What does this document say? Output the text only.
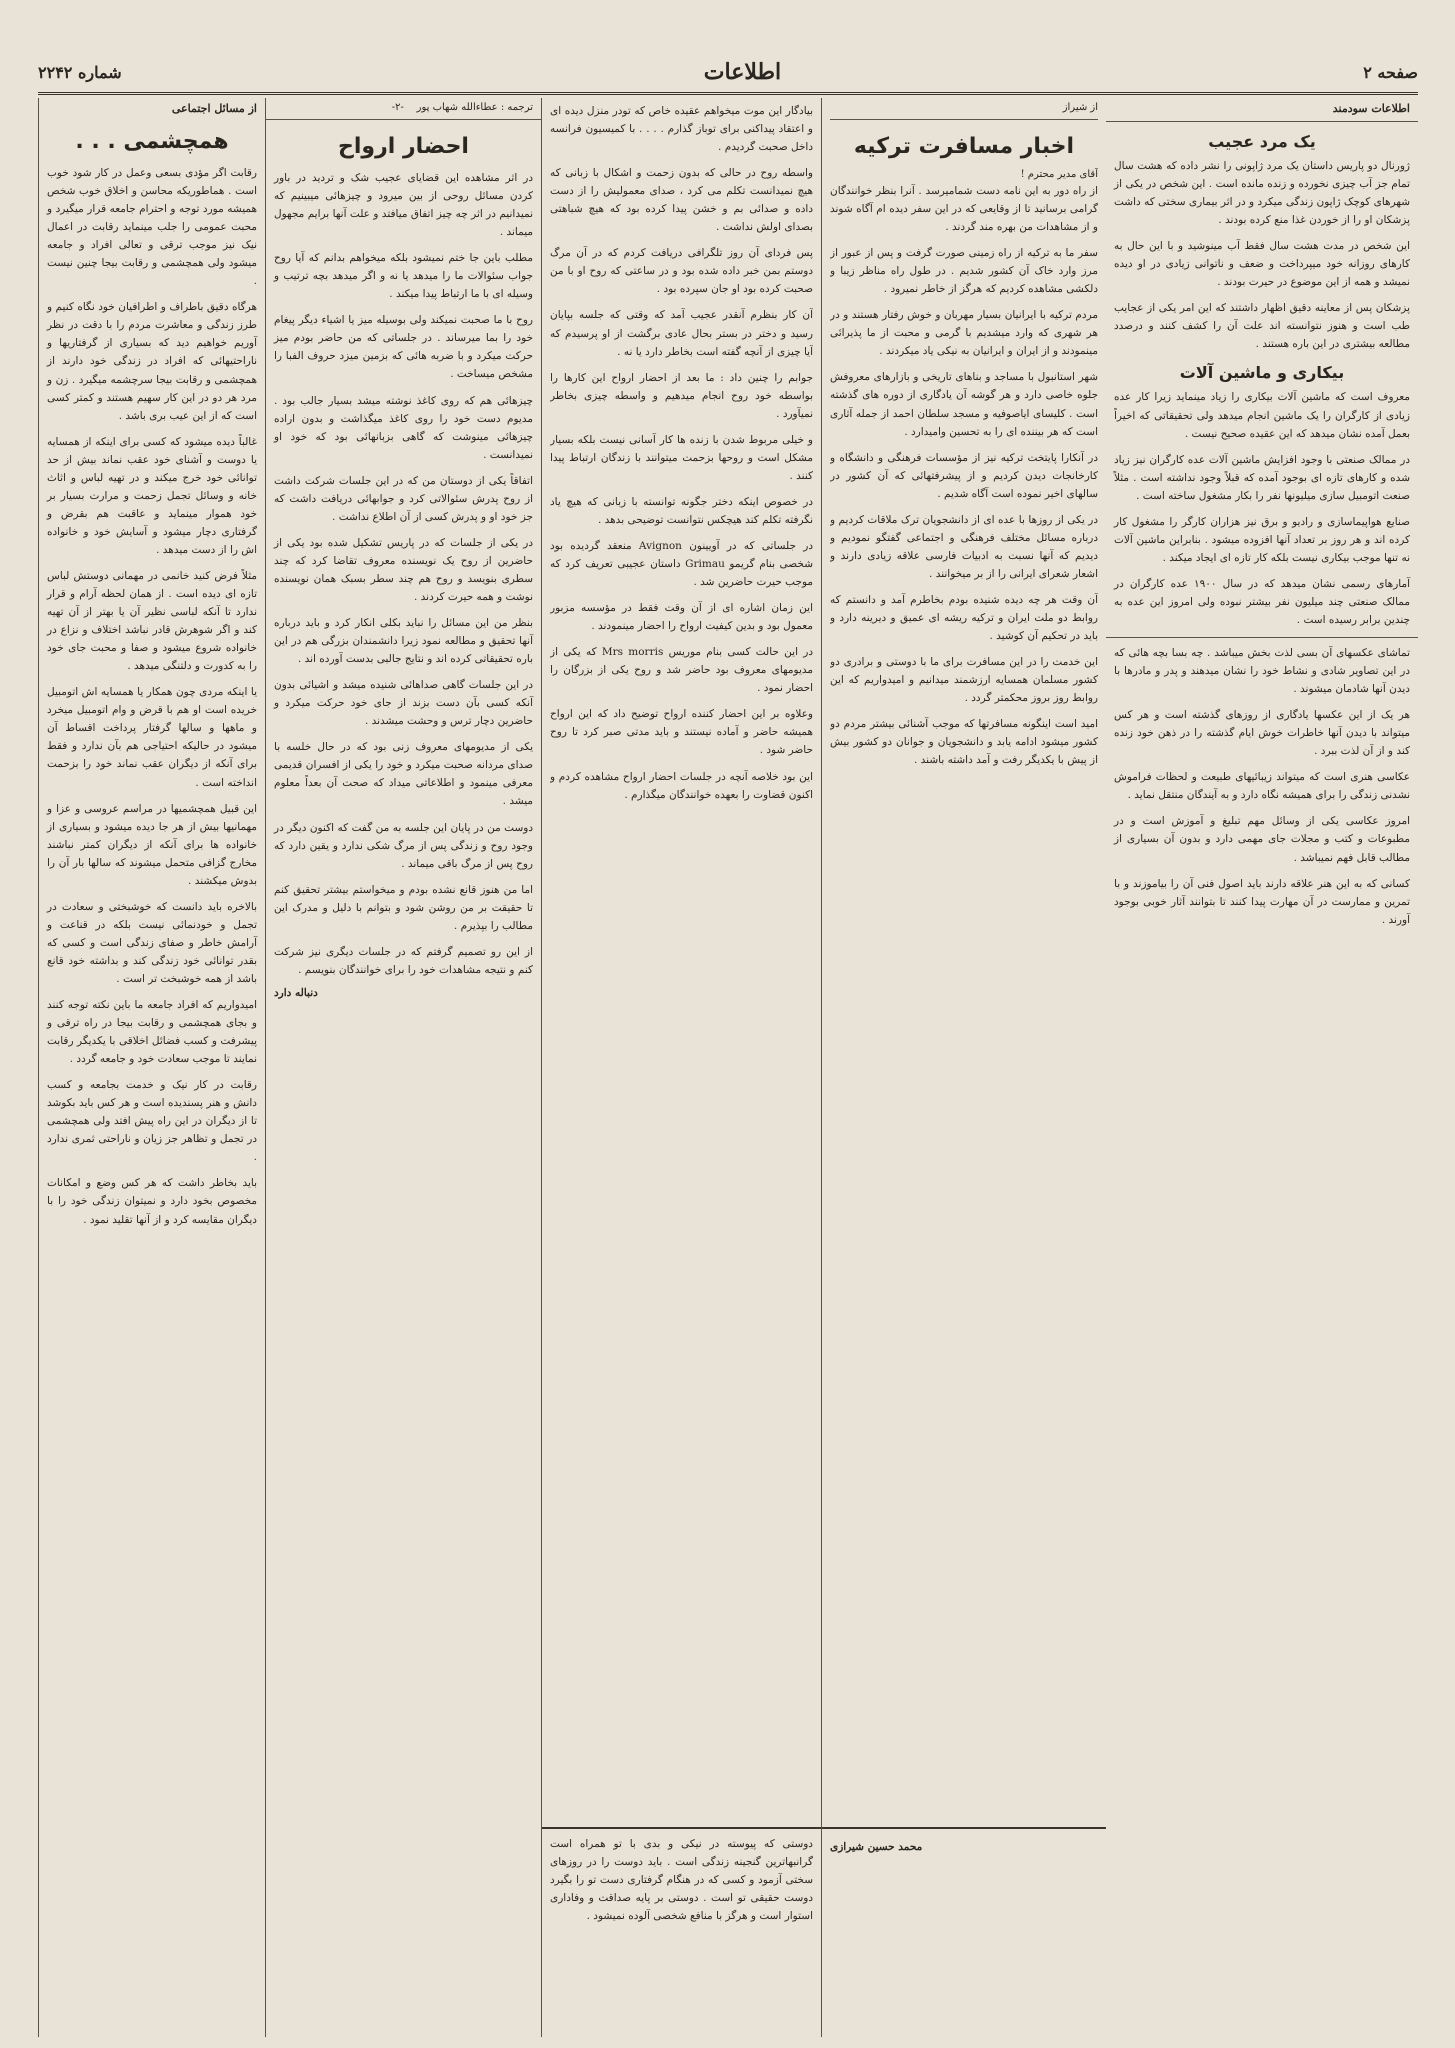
صفحه ۲
اطلاعات
شماره ۲۲۴۲
از مسائل اجتماعی
همچشمی . . .

رقابت اگر مؤدی بسعی وعمل در کار شود خوب است . هماطوریکه محاسن و اخلاق خوب شخص همیشه مورد توجه و احترام جامعه قرار میگیرد و محبت عمومی را جلب مینماید رقابت در اعمال نیک نیز موجب ترقی و تعالی افراد و جامعه میشود ولی همچشمی و رقابت بیجا چنین نیست .

هرگاه دقیق باطراف و اطرافیان خود نگاه کنیم و طرز زندگی و معاشرت مردم را با دقت در نظر آوریم خواهیم دید که بسیاری از گرفتاریها و ناراحتیهائی که افراد در زندگی خود دارند از همچشمی و رقابت بیجا سرچشمه میگیرد . زن و مرد هر دو در این کار سهیم هستند و کمتر کسی است که از این عیب بری باشد .

غالباً دیده میشود که کسی برای اینکه از همسایه یا دوست و آشنای خود عقب نماند بیش از حد توانائی خود خرج میکند و در تهیه لباس و اثاث خانه و وسائل تجمل زحمت و مرارت بسیار بر خود هموار مینماید و عاقبت هم بقرض و گرفتاری دچار میشود و آسایش خود و خانواده اش را از دست میدهد .

مثلاً فرض کنید خانمی در مهمانی دوستش لباس تازه ای دیده است . از همان لحظه آرام و قرار ندارد تا آنکه لباسی نظیر آن یا بهتر از آن تهیه کند و اگر شوهرش قادر نباشد اختلاف و نزاع در خانواده شروع میشود و صفا و محبت جای خود را به کدورت و دلتنگی میدهد .

یا اینکه مردی چون همکار یا همسایه اش اتومبیل خریده است او هم با قرض و وام اتومبیل میخرد و ماهها و سالها گرفتار پرداخت اقساط آن میشود در حالیکه احتیاجی هم بآن ندارد و فقط برای آنکه از دیگران عقب نماند خود را بزحمت انداخته است .

این قبیل همچشمیها در مراسم عروسی و عزا و مهمانیها بیش از هر جا دیده میشود و بسیاری از خانواده ها برای آنکه از دیگران کمتر نباشند مخارج گزافی متحمل میشوند که سالها بار آن را بدوش میکشند .

بالاخره باید دانست که خوشبختی و سعادت در تجمل و خودنمائی نیست بلکه در قناعت و آرامش خاطر و صفای زندگی است و کسی که بقدر توانائی خود زندگی کند و بداشته خود قانع باشد از همه خوشبخت تر است .

امیدواریم که افراد جامعه ما باین نکته توجه کنند و بجای همچشمی و رقابت بیجا در راه ترقی و پیشرفت و کسب فضائل اخلاقی با یکدیگر رقابت نمایند تا موجب سعادت خود و جامعه گردد .

رقابت در کار نیک و خدمت بجامعه و کسب دانش و هنر پسندیده است و هر کس باید بکوشد تا از دیگران در این راه پیش افتد ولی همچشمی در تجمل و تظاهر جز زیان و ناراحتی ثمری ندارد .

باید بخاطر داشت که هر کس وضع و امکانات مخصوص بخود دارد و نمیتوان زندگی خود را با دیگران مقایسه کرد و از آنها تقلید نمود .

ترجمه : عطاءالله شهاب پور    -۲-
احضار ارواح

در اثر مشاهده این قضایای عجیب شک و تردید در باور کردن مسائل روحی از بین میرود و چیزهائی میبینیم که نمیدانیم در اثر چه چیز اتفاق میافتد و علت آنها برایم مجهول میماند .

مطلب باین جا ختم نمیشود بلکه میخواهم بدانم که آیا روح جواب سئوالات ما را میدهد یا نه و اگر میدهد بچه ترتیب و وسیله ای با ما ارتباط پیدا میکند .

روح با ما صحبت نمیکند ولی بوسیله میز یا اشیاء دیگر پیغام خود را بما میرساند . در جلساتی که من حاضر بودم میز حرکت میکرد و با ضربه هائی که بزمین میزد حروف الفبا را مشخص میساخت .

چیزهائی هم که روی کاغذ نوشته میشد بسیار جالب بود . مدیوم دست خود را روی کاغذ میگذاشت و بدون اراده چیزهائی مینوشت که گاهی بزبانهائی بود که خود او نمیدانست .

اتفاقاً یکی از دوستان من که در این جلسات شرکت داشت از روح پدرش سئوالاتی کرد و جوابهائی دریافت داشت که جز خود او و پدرش کسی از آن اطلاع نداشت .

در یکی از جلسات که در پاریس تشکیل شده بود یکی از حاضرین از روح یک نویسنده معروف تقاضا کرد که چند سطری بنویسد و روح هم چند سطر بسبک همان نویسنده نوشت و همه حیرت کردند .

بنظر من این مسائل را نباید بکلی انکار کرد و باید درباره آنها تحقیق و مطالعه نمود زیرا دانشمندان بزرگی هم در این باره تحقیقاتی کرده اند و نتایج جالبی بدست آورده اند .

در این جلسات گاهی صداهائی شنیده میشد و اشیائی بدون آنکه کسی بآن دست بزند از جای خود حرکت میکرد و حاضرین دچار ترس و وحشت میشدند .

یکی از مدیومهای معروف زنی بود که در حال خلسه با صدای مردانه صحبت میکرد و خود را یکی از افسران قدیمی معرفی مینمود و اطلاعاتی میداد که صحت آن بعداً معلوم میشد .

دوست من در پایان این جلسه به من گفت که اکنون دیگر در وجود روح و زندگی پس از مرگ شکی ندارد و یقین دارد که روح پس از مرگ باقی میماند .

اما من هنوز قانع نشده بودم و میخواستم بیشتر تحقیق کنم تا حقیقت بر من روشن شود و بتوانم با دلیل و مدرک این مطالب را بپذیرم .

از این رو تصمیم گرفتم که در جلسات دیگری نیز شرکت کنم و نتیجه مشاهدات خود را برای خوانندگان بنویسم .

دنباله دارد

بیادگار این موت میخواهم عقیده خاص که تودر منزل دیده ای و اعتقاد پیداکنی برای توباز گذارم . . . . با کمیسیون فرانسه داخل صحبت گردیدم .

واسطه روح در حالی که بدون زحمت و اشکال با زبانی که هیچ نمیدانست تکلم می کرد ، صدای معمولیش را از دست داده و صدائی بم و خشن پیدا کرده بود که هیچ شباهتی بصدای اولش نداشت .

پس فردای آن روز تلگرافی دریافت کردم که در آن مرگ دوستم بمن خبر داده شده بود و در ساعتی که روح او با من صحبت کرده بود او جان سپرده بود .

آن کار بنظرم آنقدر عجیب آمد که وقتی که جلسه بپایان رسید و دختر در بستر بحال عادی برگشت از او پرسیدم که آیا چیزی از آنچه گفته است بخاطر دارد یا نه .

جوابم را چنین داد : ما بعد از احضار ارواح این کارها را بواسطه خود روح انجام میدهیم و واسطه چیزی بخاطر نمیآورد .

و خیلی مربوط شدن با زنده ها کار آسانی نیست بلکه بسیار مشکل است و روحها بزحمت میتوانند با زندگان ارتباط پیدا کنند .

در خصوص اینکه دختر جگونه توانسته با زبانی که هیچ یاد نگرفته تکلم کند هیچکس نتوانست توضیحی بدهد .

در جلساتی که در آویینون Avignon منعقد گردیده بود شخصی بنام گریمو Grimau داستان عجیبی تعریف کرد که موجب حیرت حاضرین شد .

این زمان اشاره ای از آن وقت فقط در مؤسسه مزبور معمول بود و بدین کیفیت ارواح را احضار مینمودند .

در این حالت کسی بنام موریس Mrs morris که یکی از مدیومهای معروف بود حاضر شد و روح یکی از بزرگان را احضار نمود .

وعلاوه بر این احضار کننده ارواح توضیح داد که این ارواح همیشه حاضر و آماده نیستند و باید مدتی صبر کرد تا روح حاضر شود .

این بود خلاصه آنچه در جلسات احضار ارواح مشاهده کردم و اکنون قضاوت را بعهده خوانندگان میگذارم .

دوستی که پیوسته در نیکی و بدی با تو همراه است گرانبهاترین گنجینه زندگی است . باید دوست را در روزهای سختی آزمود و کسی که در هنگام گرفتاری دست تو را بگیرد دوست حقیقی تو است . دوستی بر پایه صداقت و وفاداری استوار است و هرگز با منافع شخصی آلوده نمیشود .

از شیراز
اخبار مسافرت ترکیه
آقای مدیر محترم !

از راه دور به این نامه دست شمامیرسد . آنرا بنظر خوانندگان گرامی برسانید تا از وقایعی که در این سفر دیده ام آگاه شوند و از مشاهدات من بهره مند گردند .

سفر ما به ترکیه از راه زمینی صورت گرفت و پس از عبور از مرز وارد خاک آن کشور شدیم . در طول راه مناظر زیبا و دلکشی مشاهده کردیم که هرگز از خاطر نمیرود .

مردم ترکیه با ایرانیان بسیار مهربان و خوش رفتار هستند و در هر شهری که وارد میشدیم با گرمی و محبت از ما پذیرائی مینمودند و از ایران و ایرانیان به نیکی یاد میکردند .

شهر استانبول با مساجد و بناهای تاریخی و بازارهای معروفش جلوه خاصی دارد و هر گوشه آن یادگاری از دوره های گذشته است . کلیسای ایاصوفیه و مسجد سلطان احمد از جمله آثاری است که هر بیننده ای را به تحسین وامیدارد .

در آنکارا پایتخت ترکیه نیز از مؤسسات فرهنگی و دانشگاه و کارخانجات دیدن کردیم و از پیشرفتهائی که آن کشور در سالهای اخیر نموده است آگاه شدیم .

در یکی از روزها با عده ای از دانشجویان ترک ملاقات کردیم و درباره مسائل مختلف فرهنگی و اجتماعی گفتگو نمودیم و دیدیم که آنها نسبت به ادبیات فارسی علاقه زیادی دارند و اشعار شعرای ایرانی را از بر میخوانند .

آن وقت هر چه دیده شنیده بودم بخاطرم آمد و دانستم که روابط دو ملت ایران و ترکیه ریشه ای عمیق و دیرینه دارد و باید در تحکیم آن کوشید .

این خدمت را در این مسافرت برای ما با دوستی و برادری دو کشور مسلمان همسایه ارزشمند میدانیم و امیدواریم که این روابط روز بروز محکمتر گردد .

امید است اینگونه مسافرتها که موجب آشنائی بیشتر مردم دو کشور میشود ادامه یابد و دانشجویان و جوانان دو کشور بیش از پیش با یکدیگر رفت و آمد داشته باشند .

محمد حسین شیرازی
اطلاعات سودمند
یک مرد عجیب

ژورنال دو پاریس داستان یک مرد ژاپونی را نشر داده که هشت سال تمام جز آب چیزی نخورده و زنده مانده است . این شخص در یکی از شهرهای کوچک ژاپون زندگی میکرد و در اثر بیماری سختی که داشت پزشکان او را از خوردن غذا منع کرده بودند .

این شخص در مدت هشت سال فقط آب مینوشید و با این حال به کارهای روزانه خود میپرداخت و ضعف و ناتوانی زیادی در او دیده نمیشد و همه از این موضوع در حیرت بودند .

پزشکان پس از معاینه دقیق اظهار داشتند که این امر یکی از عجایب طب است و هنوز نتوانسته اند علت آن را کشف کنند و درصدد مطالعه بیشتری در این باره هستند .

بیکاری و ماشین آلات

معروف است که ماشین آلات بیکاری را زیاد مینماید زیرا کار عده زیادی از کارگران را یک ماشین انجام میدهد ولی تحقیقاتی که اخیراً بعمل آمده نشان میدهد که این عقیده صحیح نیست .

در ممالک صنعتی با وجود افزایش ماشین آلات عده کارگران نیز زیاد شده و کارهای تازه ای بوجود آمده که قبلاً وجود نداشته است . مثلاً صنعت اتومبیل سازی میلیونها نفر را بکار مشغول ساخته است .

صنایع هواپیماسازی و رادیو و برق نیز هزاران کارگر را مشغول کار کرده اند و هر روز بر تعداد آنها افزوده میشود . بنابراین ماشین آلات نه تنها موجب بیکاری نیست بلکه کار تازه ای ایجاد میکند .

آمارهای رسمی نشان میدهد که در سال ۱۹۰۰ عده کارگران در ممالک صنعتی چند میلیون نفر بیشتر نبوده ولی امروز این عده به چندین برابر رسیده است .

تماشای عکسهای آن بسی لذت بخش میباشد . چه بسا بچه هائی که در این تصاویر شادی و نشاط خود را نشان میدهند و پدر و مادرها با دیدن آنها شادمان میشوند .

هر یک از این عکسها یادگاری از روزهای گذشته است و هر کس میتواند با دیدن آنها خاطرات خوش ایام گذشته را در ذهن خود زنده کند و از آن لذت ببرد .

عکاسی هنری است که میتواند زیبائیهای طبیعت و لحظات فراموش نشدنی زندگی را برای همیشه نگاه دارد و به آیندگان منتقل نماید .

امروز عکاسی یکی از وسائل مهم تبلیغ و آموزش است و در مطبوعات و کتب و مجلات جای مهمی دارد و بدون آن بسیاری از مطالب قابل فهم نمیباشد .

کسانی که به این هنر علاقه دارند باید اصول فنی آن را بیاموزند و با تمرین و ممارست در آن مهارت پیدا کنند تا بتوانند آثار خوبی بوجود آورند .
